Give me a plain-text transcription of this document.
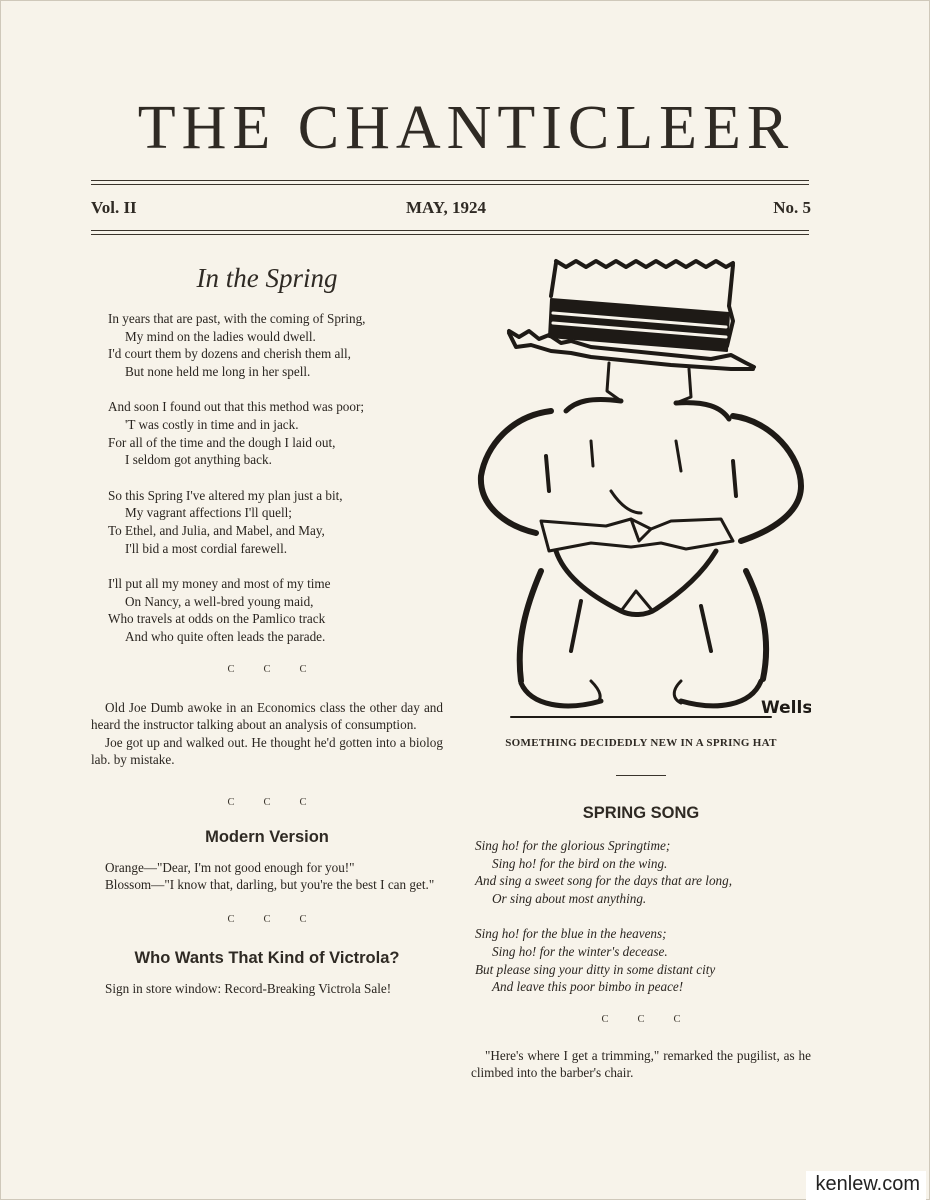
THE CHANTICLEER
Vol. II	MAY, 1924	No. 5
In the Spring
In years that are past, with the coming of Spring,
My mind on the ladies would dwell.
I'd court them by dozens and cherish them all,
But none held me long in her spell.
And soon I found out that this method was poor;
'T was costly in time and in jack.
For all of the time and the dough I laid out,
I seldom got anything back.
So this Spring I've altered my plan just a bit,
My vagrant affections I'll quell;
To Ethel, and Julia, and Mabel, and May,
I'll bid a most cordial farewell.
I'll put all my money and most of my time
On Nancy, a well-bred young maid,
Who travels at odds on the Pamlico track
And who quite often leads the parade.
C	C	C

Old Joe Dumb awoke in an Economics class the other day and heard the instructor talking about an analysis of consumption.

Joe got up and walked out. He thought he'd gotten into a biolog lab. by mistake.

C	C	C
Modern Version

Orange—"Dear, I'm not good enough for you!"

Blossom—"I know that, darling, but you're the best I can get."

C	C	C
Who Wants That Kind of Victrola?

Sign in store window: Record-Breaking Victrola Sale!

Wells
SOMETHING DECIDEDLY NEW IN A SPRING HAT
SPRING SONG
Sing ho! for the glorious Springtime;
Sing ho! for the bird on the wing.
And sing a sweet song for the days that are long,
Or sing about most anything.
Sing ho! for the blue in the heavens;
Sing ho! for the winter's decease.
But please sing your ditty in some distant city
And leave this poor bimbo in peace!
C	C	C

"Here's where I get a trimming," remarked the pugilist, as he climbed into the barber's chair.

kenlew.com
